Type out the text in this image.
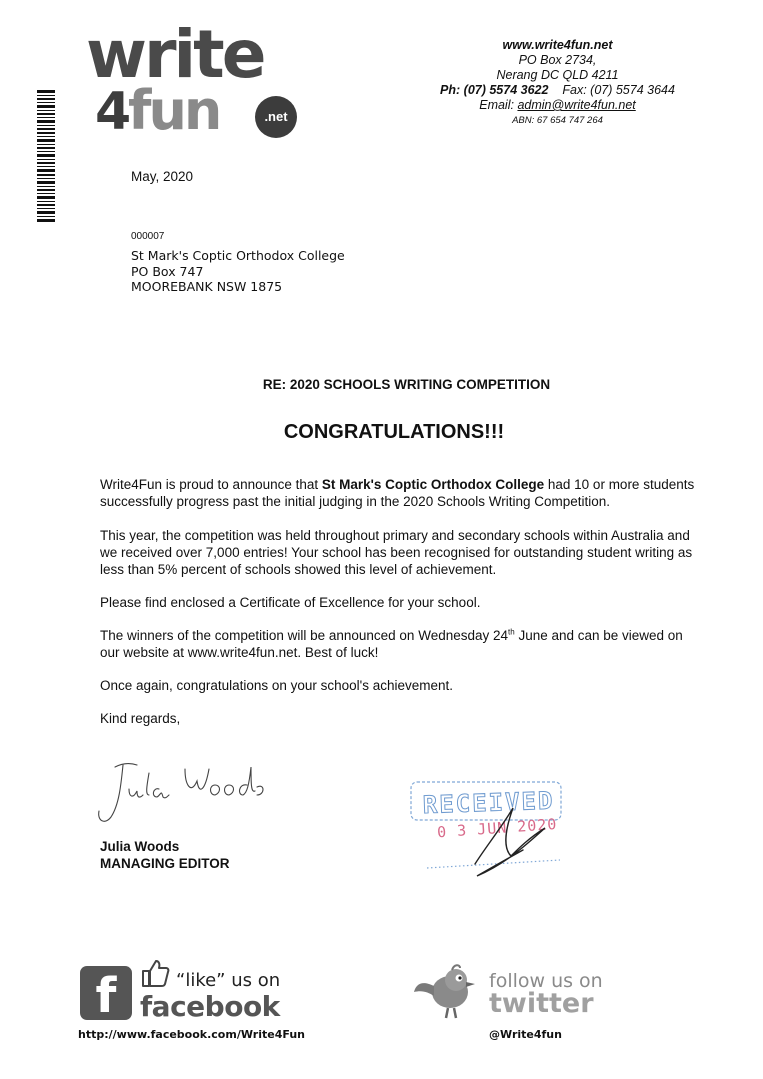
write
4
fun	.net
www.write4fun.net
PO Box 2734,
Nerang DC QLD 4211
Ph: (07) 5574 3622 Fax: (07) 5574 3644
Email: admin@write4fun.net
ABN: 67 654 747 264
May, 2020
000007
St Mark's Coptic Orthodox College
PO Box 747
MOOREBANK NSW 1875
RE: 2020 SCHOOLS WRITING COMPETITION
CONGRATULATIONS!!!
Write4Fun is proud to announce that St Mark's Coptic Orthodox College had 10 or more students successfully progress past the initial judging in the 2020 Schools Writing Competition.
This year, the competition was held throughout primary and secondary schools within Australia and we received over 7,000 entries! Your school has been recognised for outstanding student writing as less than 5% percent of schools showed this level of achievement.
Please find enclosed a Certificate of Excellence for your school.
The winners of the competition will be announced on Wednesday 24th June and can be viewed on our website at www.write4fun.net. Best of luck!
Once again, congratulations on your school's achievement.
Kind regards,
Julia Woods
MANAGING EDITOR
RECEIVED
0 3 JUN 2020
f	“like” us on
facebook
http://www.facebook.com/Write4Fun
follow us on
twitter
@Write4fun
